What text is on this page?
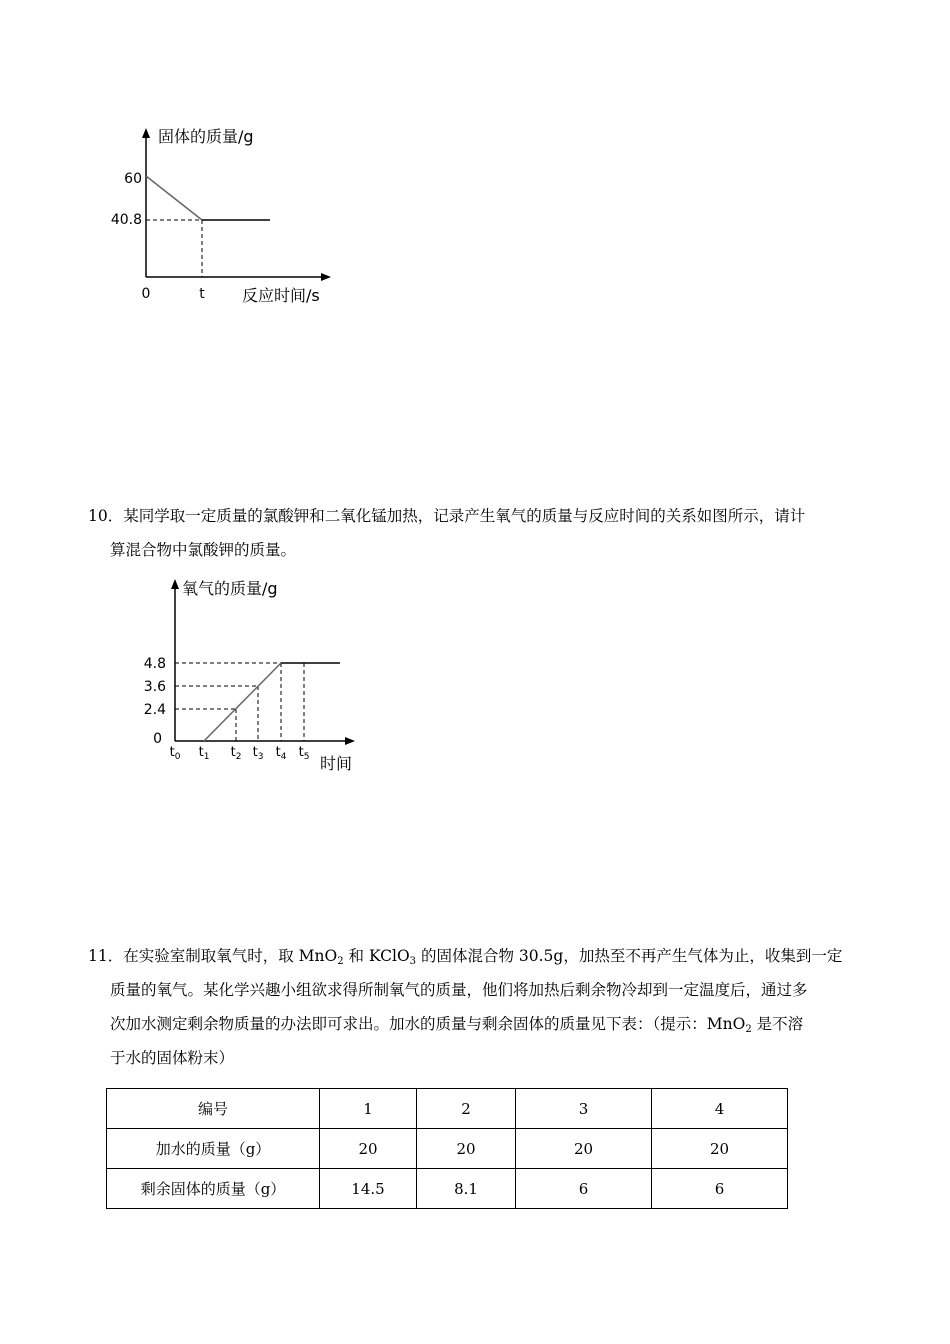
固体的质量/g
60
40.8
0	t 反应时间/s
10．某同学取一定质量的氯酸钾和二氧化锰加热，记录产生氧气的质量与反应时间的关系如图所示，请计
算混合物中氯酸钾的质量。
氧气的质量/g
4.8
3.6
2.4
0
$t_0$ $t_1$ $t_2$ $t_3$ $t_4$ $t_5$ 时间
11．在实验室制取氧气时，取 MnO$_2$ 和 KClO$_3$ 的固体混合物 30.5g，加热至不再产生气体为止，收集到一定
质量的氧气。某化学兴趣小组欲求得所制氧气的质量，他们将加热后剩余物冷却到一定温度后，通过多
次加水测定剩余物质量的办法即可求出。加水的质量与剩余固体的质量见下表：（提示：MnO$_2$ 是不溶
于水的固体粉末）
编号	1	2	3	4
加水的质量（g）	20	20	20	20
剩余固体的质量（g）	14.5	8.1	6	6
